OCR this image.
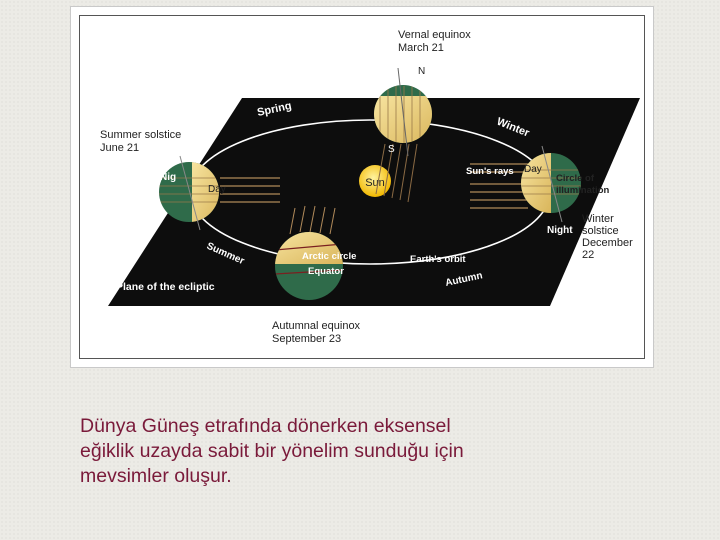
Sun
Spring
Winter
Summer
Autumn
Sun's rays
Earth's orbit
Arctic circle
Equator
Plane of the ecliptic
Nig
Night
Day
Day
Circle of
illumination
N
S
Vernal equinox
March 21
Summer solstice
June 21
Winter
solstice
December
22
Autumnal equinox
September 23

Dünya Güneş etrafında dönerken eksensel
eğiklik uzayda sabit bir yönelim sunduğu için
mevsimler oluşur.
